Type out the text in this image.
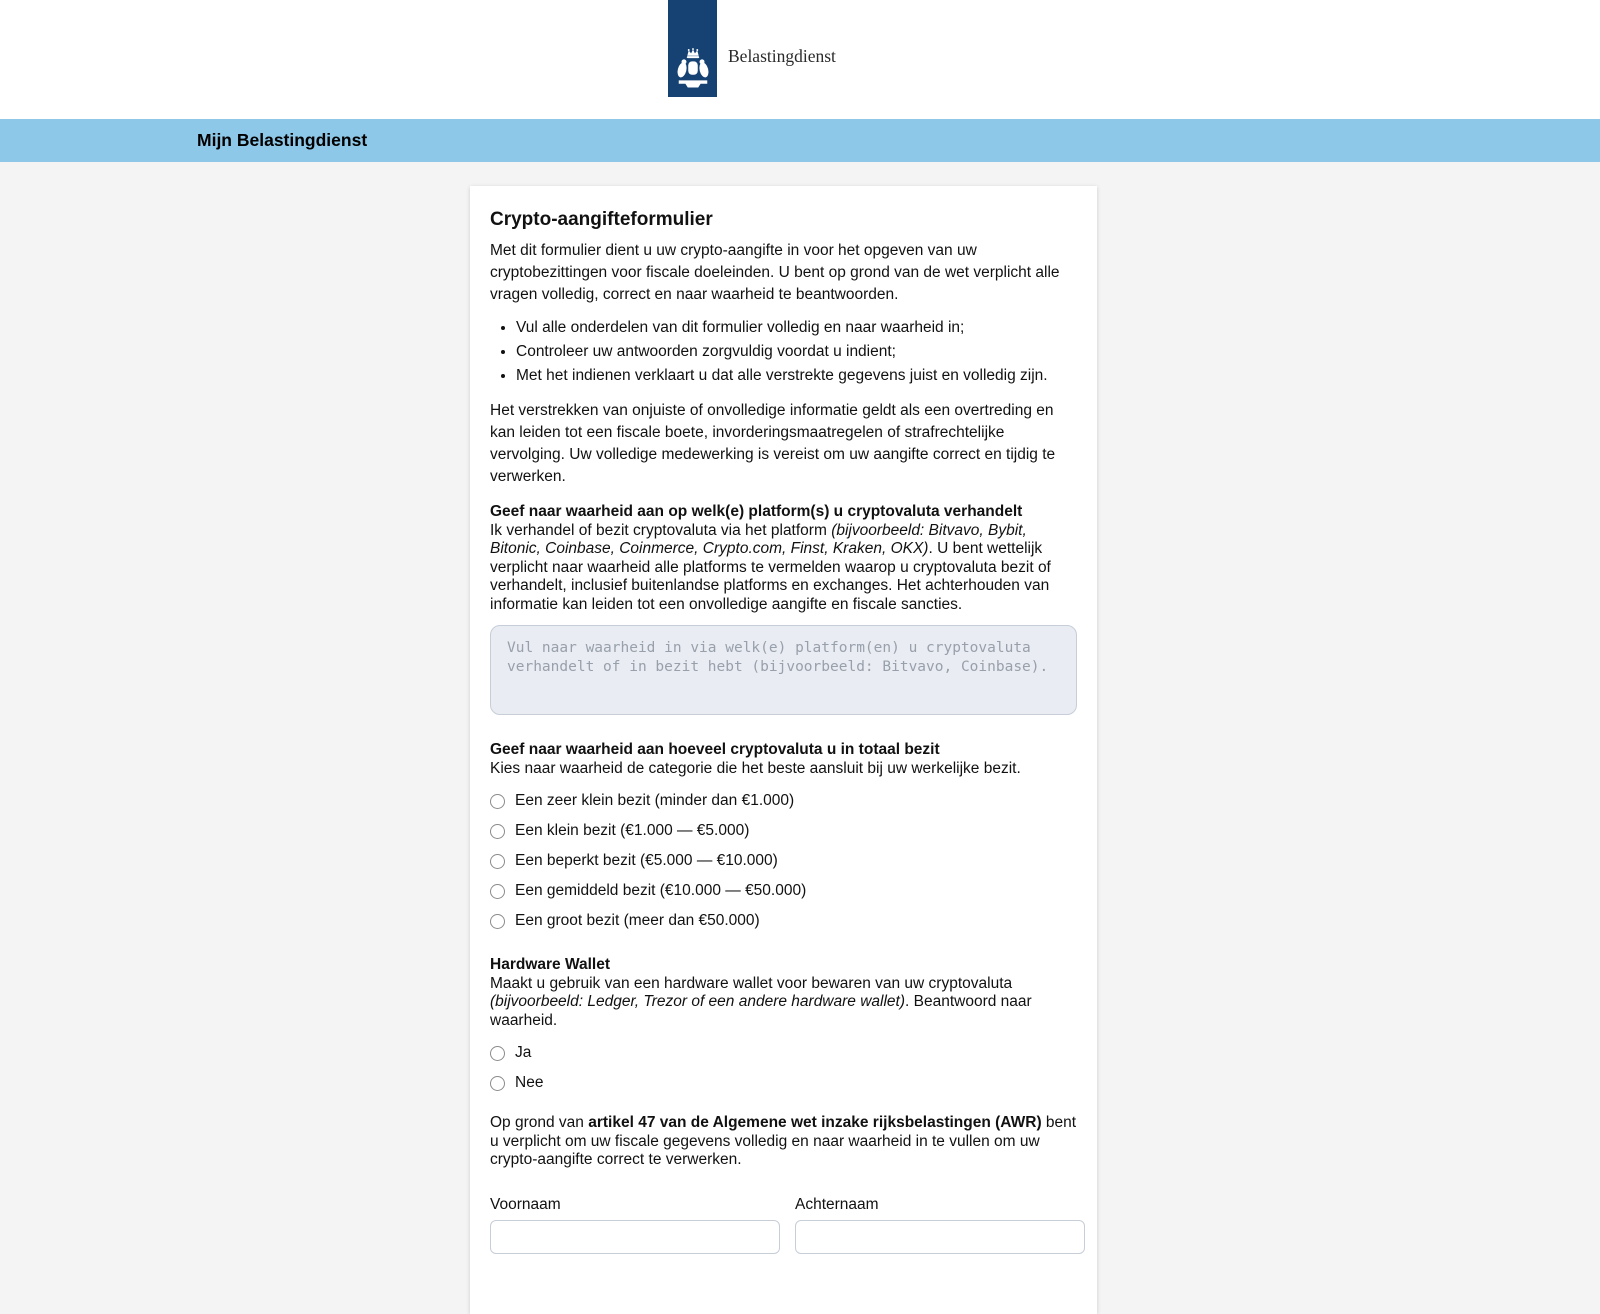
Belastingdienst
Mijn Belastingdienst
Crypto-aangifteformulier

Met dit formulier dient u uw crypto-aangifte in voor het opgeven van uw cryptobezittingen voor fiscale doeleinden. U bent op grond van de wet verplicht alle vragen volledig, correct en naar waarheid te beantwoorden.

• Vul alle onderdelen van dit formulier volledig en naar waarheid in;
• Controleer uw antwoorden zorgvuldig voordat u indient;
• Met het indienen verklaart u dat alle verstrekte gegevens juist en volledig zijn.

Het verstrekken van onjuiste of onvolledige informatie geldt als een overtreding en kan leiden tot een fiscale boete, invorderingsmaatregelen of strafrechtelijke vervolging. Uw volledige medewerking is vereist om uw aangifte correct en tijdig te verwerken.

Geef naar waarheid aan op welk(e) platform(s) u cryptovaluta verhandelt

Ik verhandel of bezit cryptovaluta via het platform (bijvoorbeeld: Bitvavo, Bybit, Bitonic, Coinbase, Coinmerce, Crypto.com, Finst, Kraken, OKX). U bent wettelijk verplicht naar waarheid alle platforms te vermelden waarop u cryptovaluta bezit of verhandelt, inclusief buitenlandse platforms en exchanges. Het achterhouden van informatie kan leiden tot een onvolledige aangifte en fiscale sancties.

Vul naar waarheid in via welk(e) platform(en) u cryptovaluta verhandelt of in bezit hebt (bijvoorbeeld: Bitvavo, Coinbase).
Geef naar waarheid aan hoeveel cryptovaluta u in totaal bezit

Kies naar waarheid de categorie die het beste aansluit bij uw werkelijke bezit.

Een zeer klein bezit (minder dan €1.000)
Een klein bezit (€1.000 — €5.000)
Een beperkt bezit (€5.000 — €10.000)
Een gemiddeld bezit (€10.000 — €50.000)
Een groot bezit (meer dan €50.000)
Hardware Wallet

Maakt u gebruik van een hardware wallet voor bewaren van uw cryptovaluta (bijvoorbeeld: Ledger, Trezor of een andere hardware wallet). Beantwoord naar waarheid.

Ja
Nee

Op grond van artikel 47 van de Algemene wet inzake rijksbelastingen (AWR) bent u verplicht om uw fiscale gegevens volledig en naar waarheid in te vullen om uw crypto-aangifte correct te verwerken.

Voornaam	Achternaam
